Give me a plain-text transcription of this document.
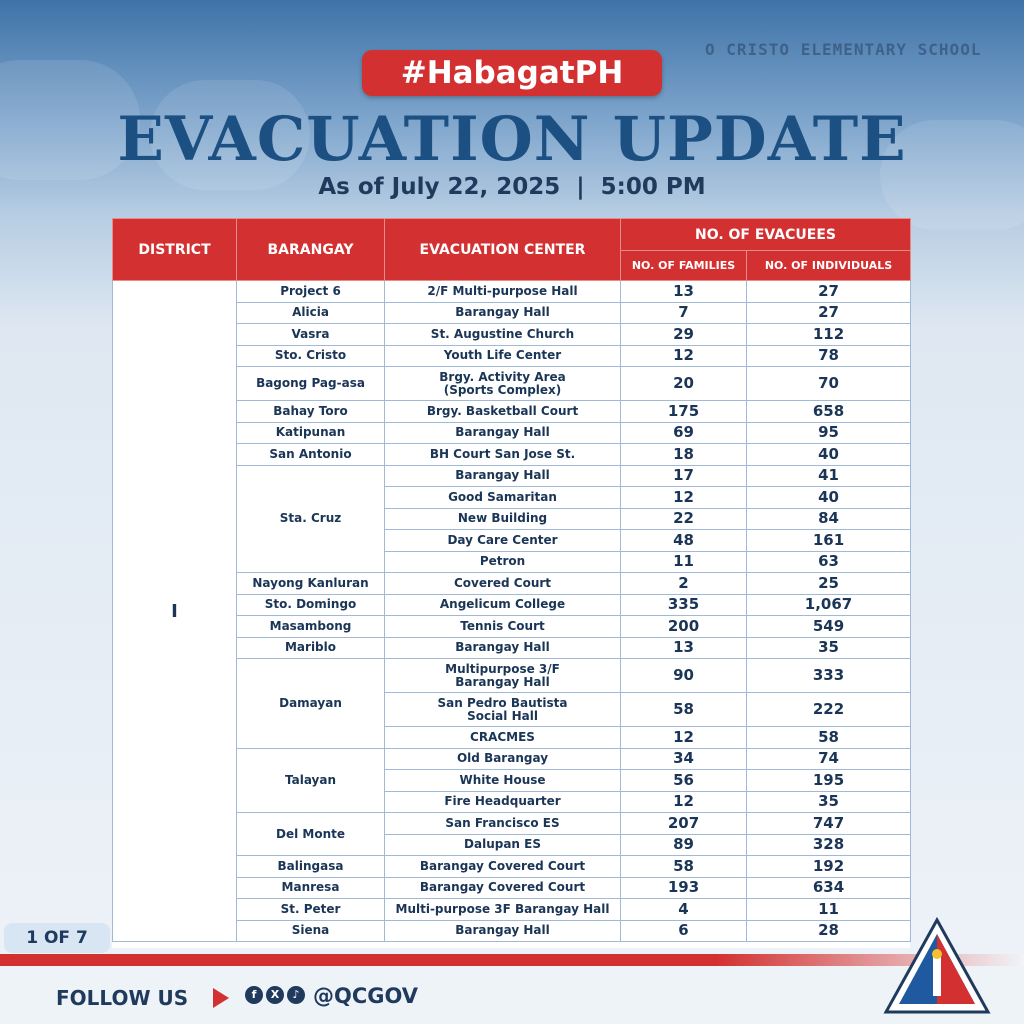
O CRISTO ELEMENTARY SCHOOL
#HabagatPH
EVACUATION UPDATE
As of July 22, 2025  |  5:00 PM
DISTRICT	BARANGAY	EVACUATION CENTER	NO. OF EVACUEES	
			NO. OF FAMILIES	NO. OF INDIVIDUALS
I	Project 6	2/F Multi-purpose Hall	13	27
	Alicia	Barangay Hall	7	27
	Vasra	St. Augustine Church	29	112
	Sto. Cristo	Youth Life Center	12	78
	Bagong Pag-asa	Brgy. Activity Area
(Sports Complex)	20	70
	Bahay Toro	Brgy. Basketball Court	175	658
	Katipunan	Barangay Hall	69	95
	San Antonio	BH Court San Jose St.	18	40
	Sta. Cruz	Barangay Hall	17	41
		Good Samaritan	12	40
		New Building	22	84
		Day Care Center	48	161
		Petron	11	63
	Nayong Kanluran	Covered Court	2	25
	Sto. Domingo	Angelicum College	335	1,067
	Masambong	Tennis Court	200	549
	Mariblo	Barangay Hall	13	35
	Damayan	Multipurpose 3/F
Barangay Hall	90	333
		San Pedro Bautista
Social Hall	58	222
		CRACMES	12	58
	Talayan	Old Barangay	34	74
		White House	56	195
		Fire Headquarter	12	35
	Del Monte	San Francisco ES	207	747
		Dalupan ES	89	328
	Balingasa	Barangay Covered Court	58	192
	Manresa	Barangay Covered Court	193	634
	St. Peter	Multi-purpose 3F Barangay Hall	4	11
	Siena	Barangay Hall	6	28
1 OF 7
FOLLOW US	f	X	♪ @QCGOV
